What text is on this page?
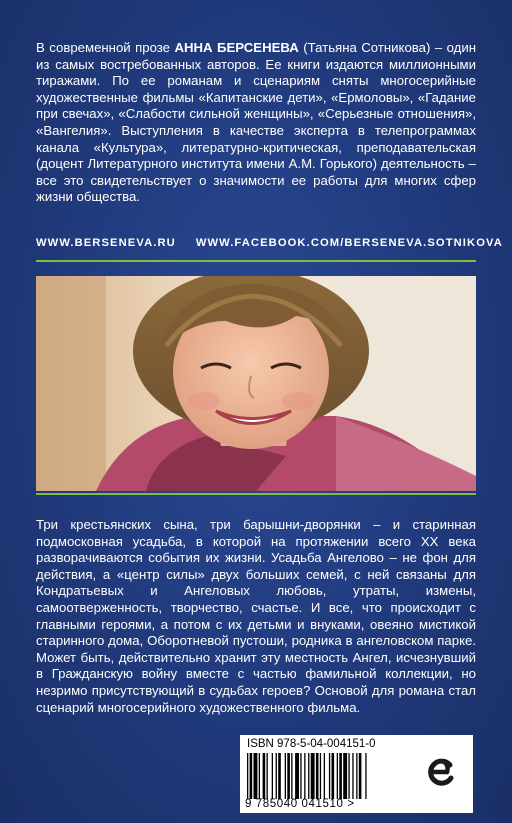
В современной прозе АННА БЕРСЕНЕВА (Татьяна Сотникова) – один из самых востребованных авторов. Ее книги издаются миллионными тиражами. По ее романам и сценариям сняты многосерийные художественные фильмы «Капитанские дети», «Ермоловы», «Гадание при свечах», «Слабости сильной женщины», «Серьезные отношения», «Вангелия». Выступления в качестве эксперта в телепрограммах канала «Культура», литературно-критическая, преподавательская (доцент Литературного института имени А.М. Горького) деятельность – все это свидетельствует о значимости ее работы для многих сфер жизни общества.
WWW.BERSENEVA.RU WWW.FACEBOOK.COM/BERSENEVA.SOTNIKOVA
Три крестьянских сына, три барышни-дворянки – и старинная подмосковная усадьба, в которой на протяжении всего XX века разворачиваются события их жизни. Усадьба Ангелово – не фон для действия, а «центр силы» двух больших семей, с ней связаны для Кондратьевых и Ангеловых любовь, утраты, измены, самоотверженность, творчество, счастье. И все, что происходит с главными героями, а потом с их детьми и внуками, овеяно мистикой старинного дома, Оборотневой пустоши, родника в ангеловском парке. Может быть, действительно хранит эту местность Ангел, исчезнувший в Гражданскую войну вместе с частью фамильной коллекции, но незримо присутствующий в судьбах героев? Основой для романа стал сценарий многосерийного художественного фильма.
ISBN 978-5-04-004151-0
9 785040 041510 >
